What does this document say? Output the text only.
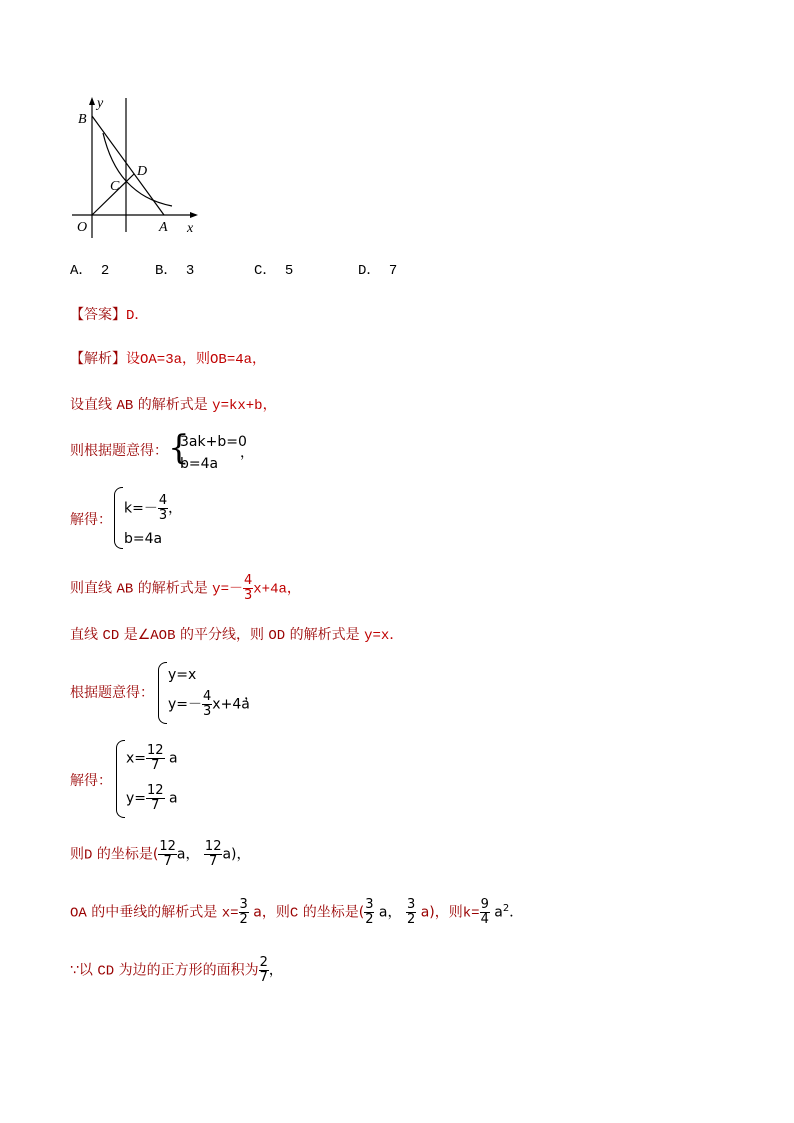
y
B
D
C
O	A x
A． 2	B． 3	C． 5	D． 7
【答案】D．
【解析】设OA=3a，则OB=4a，
设直线 AB 的解析式是 y=kx+b，
则根据题意得： {
3ak+b=0
b=4a
，
解得：
$k=- \frac{4}{3}$ ，
b=4a
则直线 AB 的解析式是 $y=- \frac{4}{3} x+4a$，
直线 CD 是∠AOB 的平分线，则 OD 的解析式是 y=x．
根据题意得：
y=x
$y=- \frac{4}{3} x+4a$
，
解得：
$x= \frac{12}{7}$ a
$y= \frac{12}{7}$ a
则D 的坐标是( $\frac{12}{7}$ a， $\frac{12}{7} a$)，
OA 的中垂线的解析式是 $x= \frac{3}{2}$ a，则C 的坐标是( $\frac{3}{2}$ a， $\frac{3}{2} a$)，则$k= \frac{9}{4} a^2$．
∵以 CD 为边的正方形的面积为 $\frac{2}{7}$ ，
